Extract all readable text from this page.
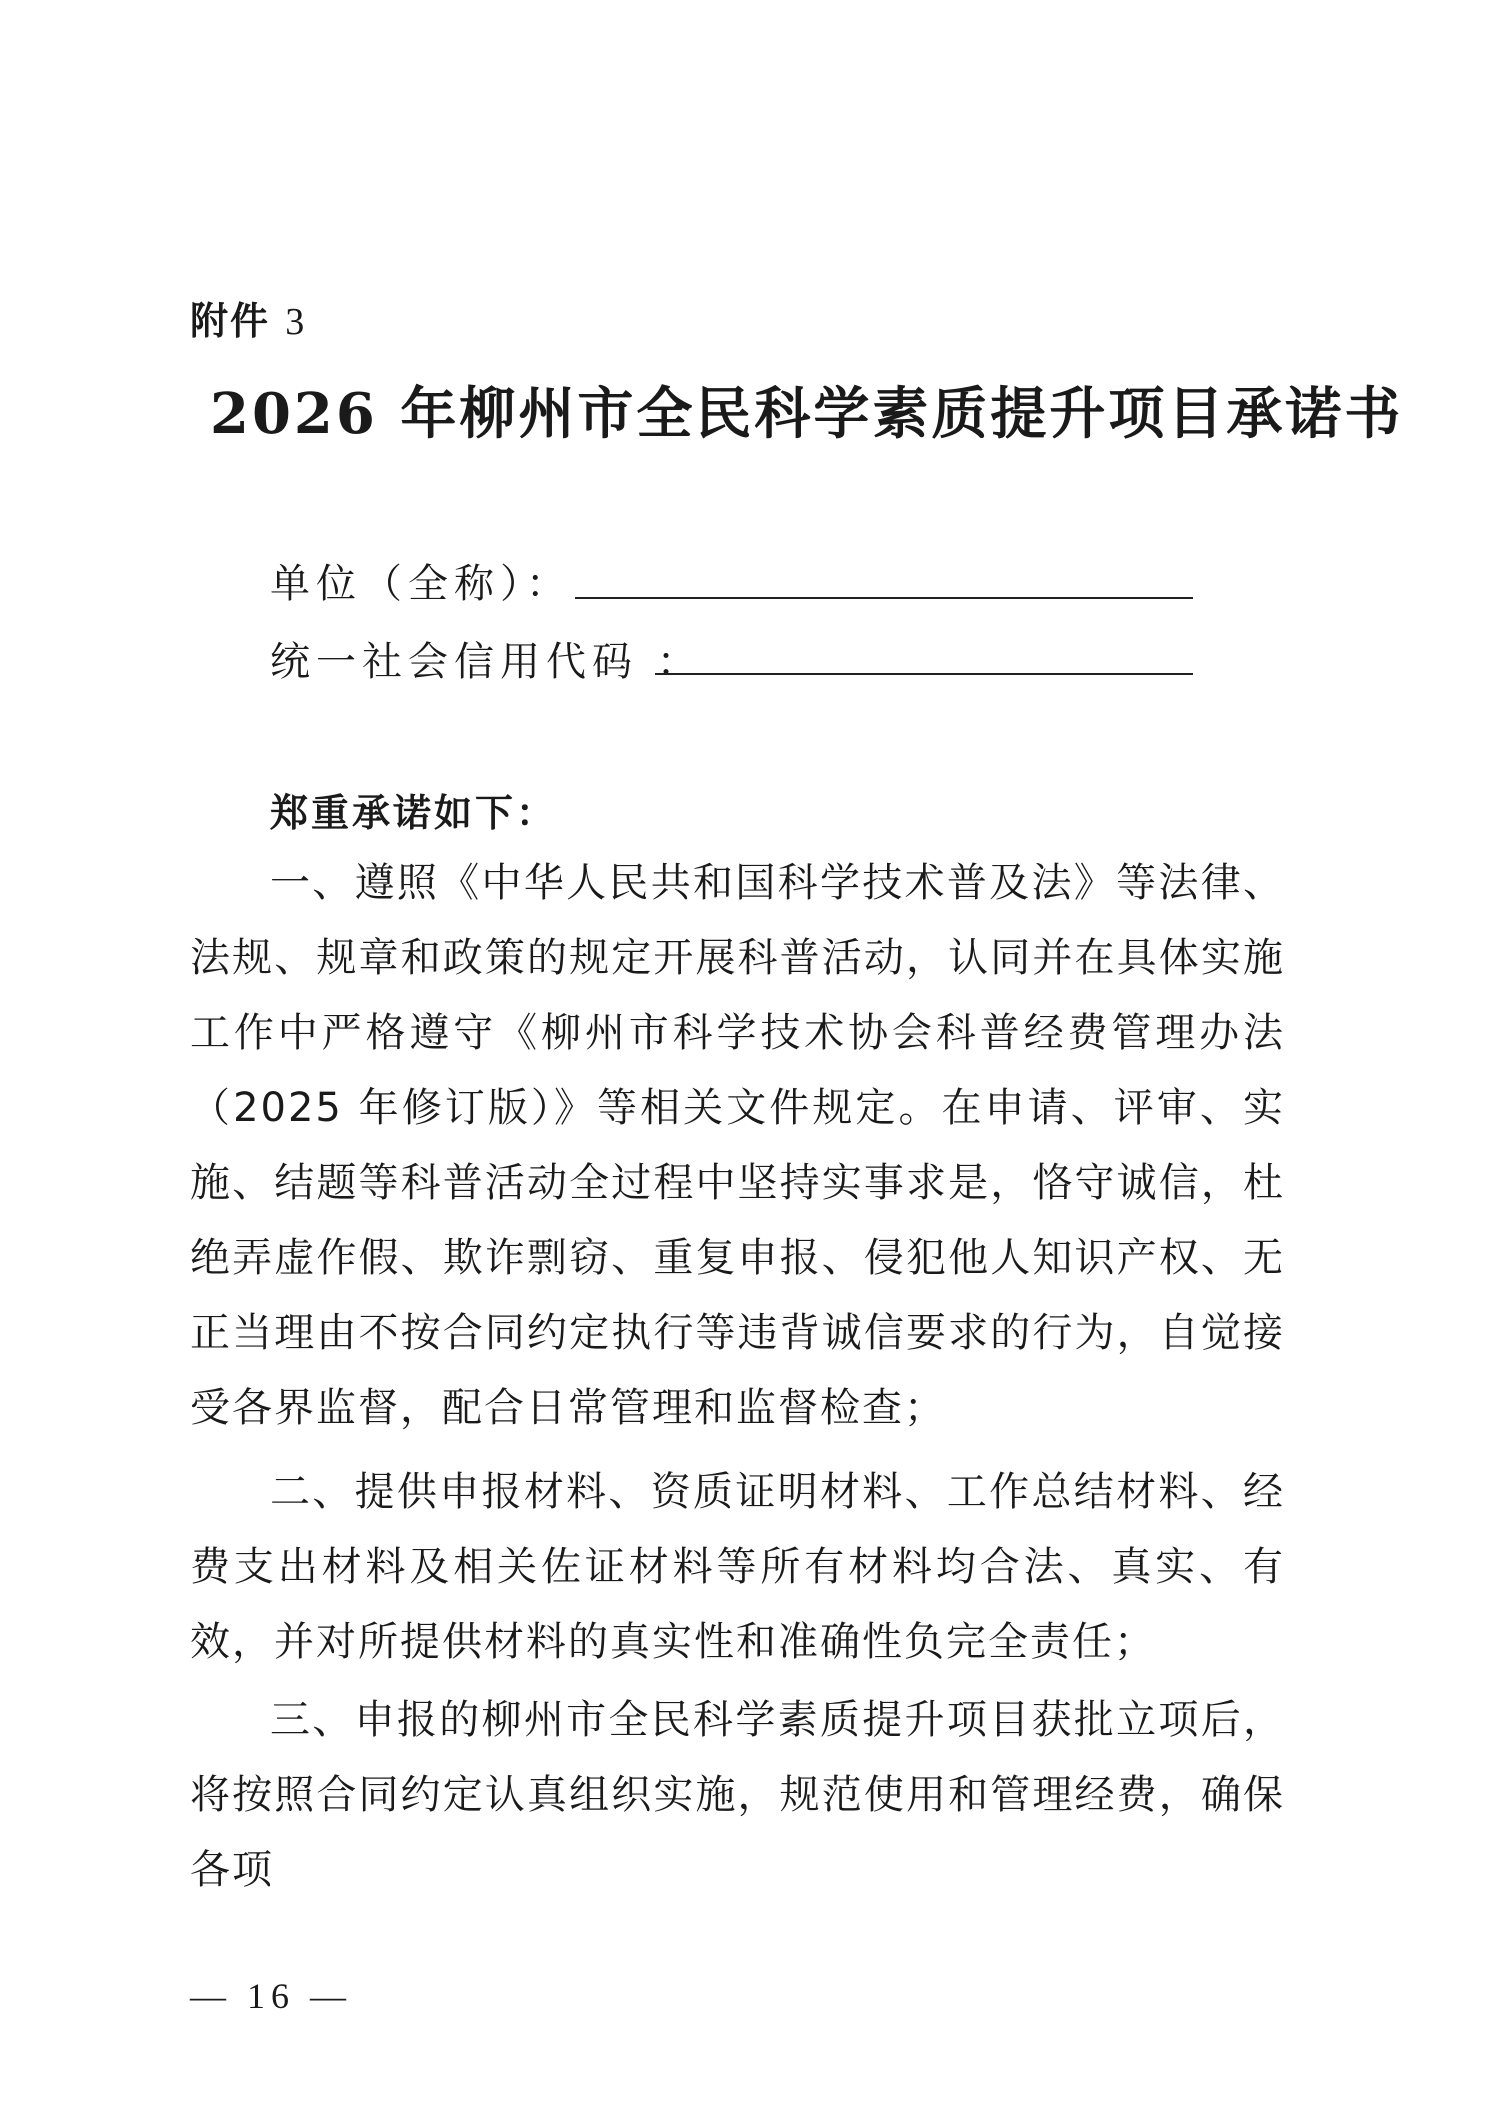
附件 3
2026 年柳州市全民科学素质提升项目承诺书
单位（全称）：
统一社会信用代码 ：
郑重承诺如下：

一、遵照《中华人民共和国科学技术普及法》等法律、法规、规章和政策的规定开展科普活动，认同并在具体实施工作中严格遵守《柳州市科学技术协会科普经费管理办法（2025 年修订版）》等相关文件规定。在申请、评审、实施、结题等科普活动全过程中坚持实事求是，恪守诚信，杜绝弄虚作假、欺诈剽窃、重复申报、侵犯他人知识产权、无正当理由不按合同约定执行等违背诚信要求的行为，自觉接受各界监督，配合日常管理和监督检查；

二、提供申报材料、资质证明材料、工作总结材料、经费支出材料及相关佐证材料等所有材料均合法、真实、有效，并对所提供材料的真实性和准确性负完全责任；

三、申报的柳州市全民科学素质提升项目获批立项后，将按照合同约定认真组织实施，规范使用和管理经费，确保各项

— 16 —
